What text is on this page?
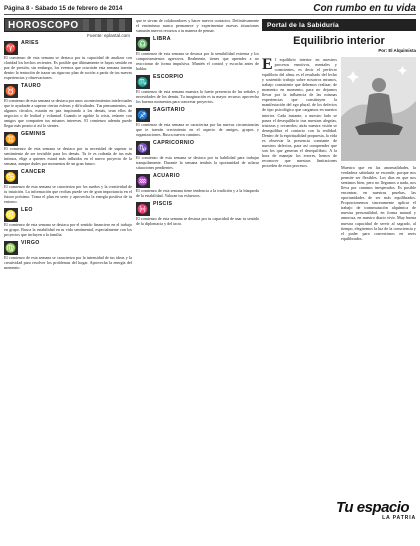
Página 8 - Sábado 15 de febrero de 2014	Con rumbo en tu vida
HOROSCOPO
Fuente: eplantal.com
♈ ARIES
El comienzo de esta semana se destaca por tu capacidad de analizar con claridad los hechos recientes. Es posible que últimamente te hayas sentido en paz de presión, sin embargo, los eventos que ocurrirán esta semana traerán dentro la tentación de trazar un riguroso plan de acción a partir de tus nuevas experiencias y observaciones.
♉ TAURO
El comienzo de esta semana se destaca por unos acontecimientos intelectuales que te ayudarán a superar ciertas esferas y dificultades. Tus pensamientos, un algunos círculos, estarán en paz inspirando a los demás, sean ellos de negocios o de lealtad y voluntad. Cuando te agobie la crisis, reúnete con amigos que comparten tus mismos intereses. El comienzo además puede llegar más pronto si así lo sientes.
♊ GEMINIS
El comienzo de esta semana se destaca por tu necesidad de superar tu sentimiento de ser invisible para los demás. Tu fe es rodeada de tus más íntimos, elige a quienes estará más influidos en el nuevo proyecto de la semana, aunque dudes por momentos de un gran futuro.
♋ CANCER
El comienzo de esta semana se caracteriza por los sueños y la creatividad de tu intuición. La información que recibas puede ser de gran importancia en el futuro próximo. Toma el plan en serio y aprovecha la energía positiva de tu entorno.
♌ LEO
El comienzo de esta semana se destaca por el sentido financiero en el trabajo en grupo. Busca la estabilidad en tu vida sentimental, especialmente con los proyectos que incluyen a la familia.
♍ VIRGO
El comienzo de esta semana se caracteriza por la intensidad de tus ideas y la creatividad para resolver los problemas del hogar. Aprovecha la energía del momento.
que te sirvan de colaboradores y hacer nuevos contactos. Definitivamente el ensimismo nunca permanece y experimentar nuevas situaciones sumarán nuevos recursos a tu manera de pensar.
♎ LIBRA
El comienzo de esta semana se destaca por la sensibilidad extrema y los comportamientos agresivos. Realmente, tienes que aprender a no reaccionar de forma impulsiva. Mantén el control y escucha antes de hablar.
♏ ESCORPIO
El comienzo de esta semana muestra la fuerte presencia de las señales y necesidades de los demás. Tu imaginación es tu mayor recurso; aprovecha los buenos momentos para concretar proyectos.
♐ SAGITARIO
El comienzo de esta semana se caracteriza por las nuevas circunstancias que te traerán crecimiento en el aspecto de amigos, grupos y organizaciones. Busca nuevos caminos.
♑ CAPRICORNIO
El comienzo de esta semana se destaca por tu habilidad para trabajar tranquilamente. Durante la semana tendrás la oportunidad de aclarar situaciones pendientes.
♒ ACUARIO
El comienzo de esta semana tiene tendencia a la tradición y a la búsqueda de la estabilidad. Valoran tus esfuerzos.
♓ PISCIS
El comienzo de esta semana se destaca por tu capacidad de usar tu sentido de la diplomacia y del tacto.
Portal de la Sabiduría
Equilibrio interior
Por: El Alquimista
El equilibrio interior en nuestros procesos emotivos, mentales y conscientes, es decir el perfecto equilibrio del alma, es el resultado del lecho y sostenido trabajo sobre nosotros mismos, trabajo consistente que debemos realizar, de momento en momento, para no dejarnos llevar por la influencia de las mismas experiencias que constituyen la manifestación del ego plural, de los defectos de tipo psicológico que cargamos en nuestro interior. Cada instante, a nuestro lado se pasea el desequilibrio tras nuestras alegrías, tristezas y recuerdos; atrás nuestra visión se desequilibra el contacto con la realidad. Dentro de la espiritualidad propuesta, la vida es observar la presencia constante de nuestros defectos, para así comprender que son los que generan el desequilibrio. A la hora de manejar los errores, hemos de reconocer que nuestras limitaciones proceden de estos procesos.	Muestra que en las anormalidades, la verdadera sabiduría se esconde, porque nos permite ser flexibles. Los días en que nos sentimos bien, pero no llegamos a nada, nos lleva por caminos inesperados. Es posible encontrar, en nuestras pruebas, las oportunidades de ser más equilibrados. Proporcionemos sinceramente aplicar el trabajo de transmutación alquímica de nuestra personalidad, en forma natural y amorosa, en nuestro diario vivir. Muy buena nuestra capacidad de servir al sagrado, al tiempo, elegiremos la luz de la consciencia y el poder para convertirnos en seres equilibrados.
Tu espacio
LA PATRIA
